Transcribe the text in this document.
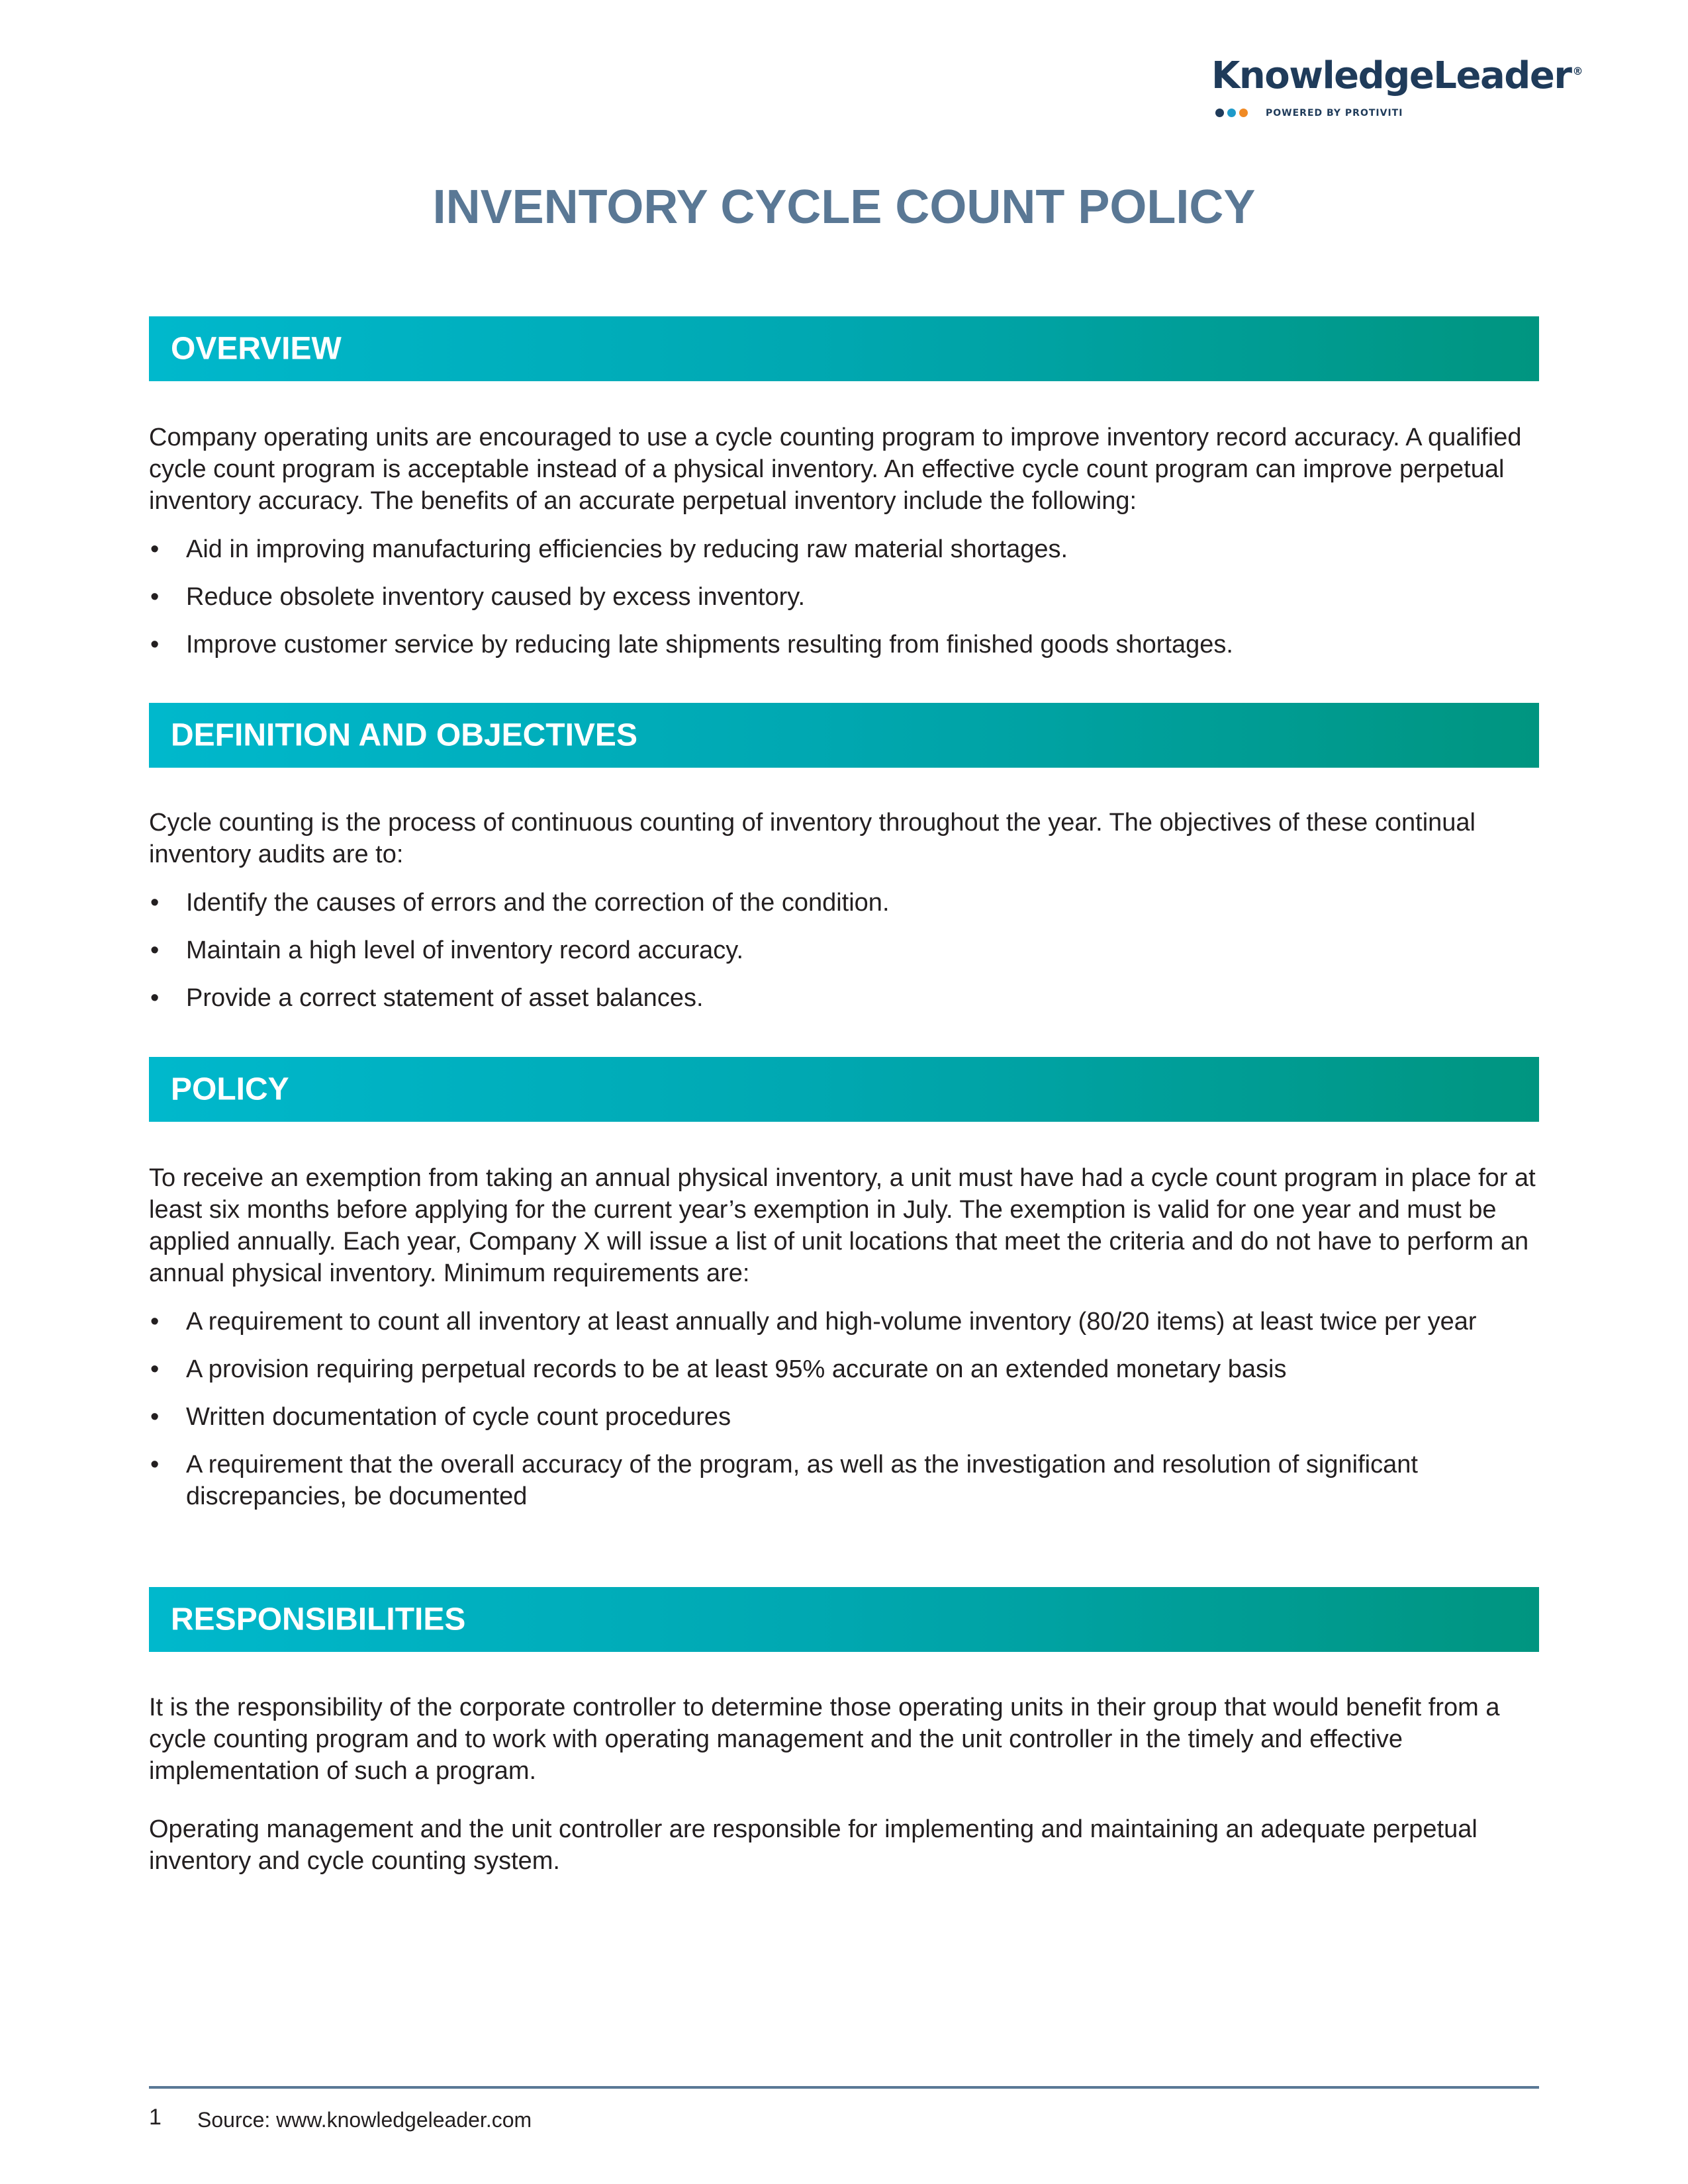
KnowledgeLeader ®
POWERED BY PROTIVITI
INVENTORY CYCLE COUNT POLICY
OVERVIEW

Company operating units are encouraged to use a cycle counting program to improve inventory record accuracy. A qualified cycle count program is acceptable instead of a physical inventory. An effective cycle count program can improve perpetual inventory accuracy. The benefits of an accurate perpetual inventory include the following:

• Aid in improving manufacturing efficiencies by reducing raw material shortages.
• Reduce obsolete inventory caused by excess inventory.
• Improve customer service by reducing late shipments resulting from finished goods shortages.
DEFINITION AND OBJECTIVES

Cycle counting is the process of continuous counting of inventory throughout the year. The objectives of these continual inventory audits are to:

• Identify the causes of errors and the correction of the condition.
• Maintain a high level of inventory record accuracy.
• Provide a correct statement of asset balances.
POLICY

To receive an exemption from taking an annual physical inventory, a unit must have had a cycle count program in place for at least six months before applying for the current year’s exemption in July. The exemption is valid for one year and must be applied annually. Each year, Company X will issue a list of unit locations that meet the criteria and do not have to perform an annual physical inventory. Minimum requirements are:

• A requirement to count all inventory at least annually and high-volume inventory (80/20 items) at least twice per year
• A provision requiring perpetual records to be at least 95% accurate on an extended monetary basis
• Written documentation of cycle count procedures
• A requirement that the overall accuracy of the program, as well as the investigation and resolution of significant discrepancies, be documented
RESPONSIBILITIES

It is the responsibility of the corporate controller to determine those operating units in their group that would benefit from a cycle counting program and to work with operating management and the unit controller in the timely and effective implementation of such a program.

Operating management and the unit controller are responsible for implementing and maintaining an adequate perpetual inventory and cycle counting system.

1 Source: www.knowledgeleader.com
